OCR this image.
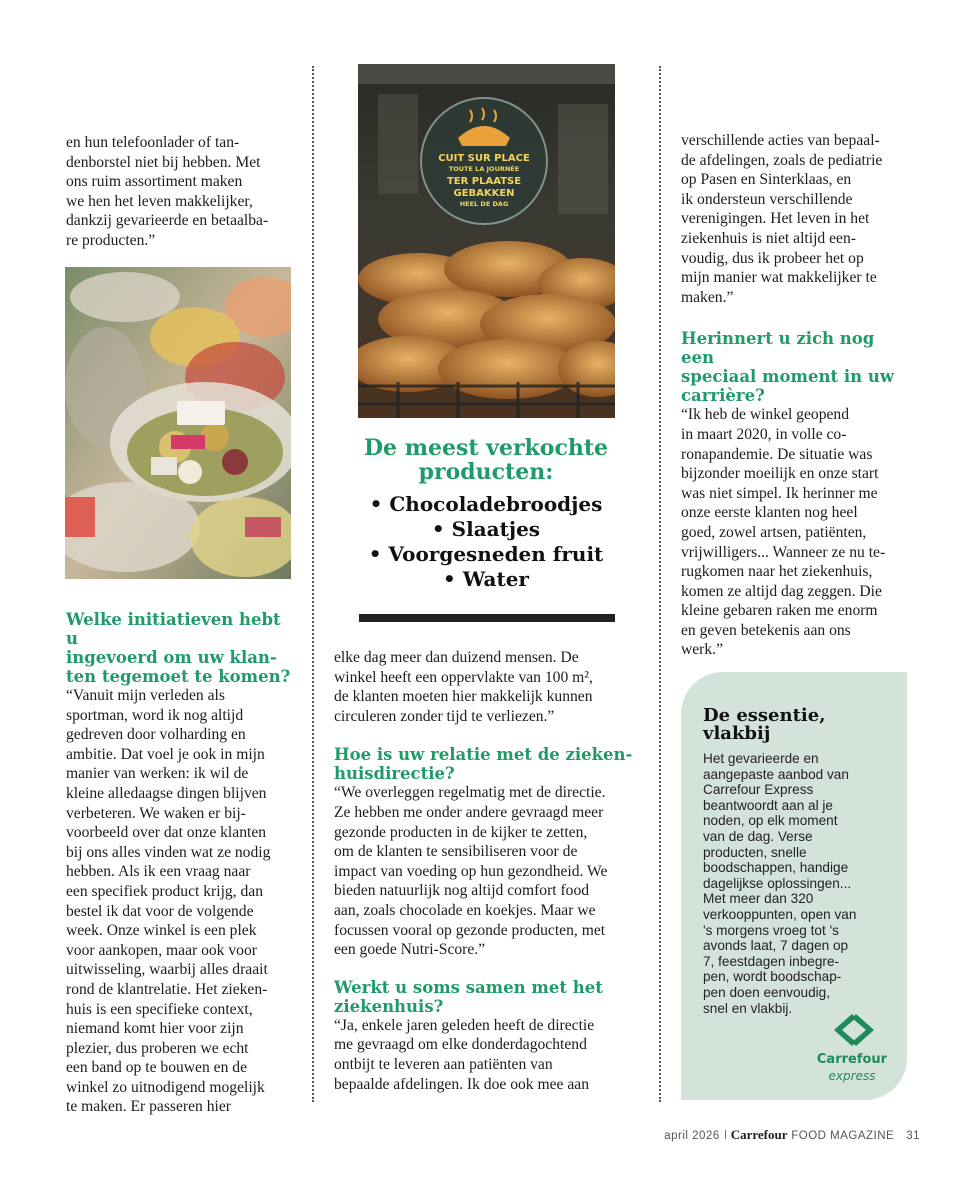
en hun telefoonlader of tan-
denborstel niet bij hebben. Met
ons ruim assortiment maken
we hen het leven makkelijker,
dankzij gevarieerde en betaalba-
re producten.”

Welke initiatieven hebt u
ingevoerd om uw klan-
ten tegemoet te komen?

“Vanuit mijn verleden als
sportman, word ik nog altijd
gedreven door volharding en
ambitie. Dat voel je ook in mijn
manier van werken: ik wil de
kleine alledaagse dingen blijven
verbeteren. We waken er bij-
voorbeeld over dat onze klanten
bij ons alles vinden wat ze nodig
hebben. Als ik een vraag naar
een specifiek product krijg, dan
bestel ik dat voor de volgende
week. Onze winkel is een plek
voor aankopen, maar ook voor
uitwisseling, waarbij alles draait
rond de klantrelatie. Het zieken-
huis is een specifieke context,
niemand komt hier voor zijn
plezier, dus proberen we echt
een band op te bouwen en de
winkel zo uitnodigend mogelijk
te maken. Er passeren hier

CUIT SUR PLACE
TOUTE LA JOURNÉE
TER PLAATSE
GEBAKKEN
HEEL DE DAG
De meest verkochte
producten:
• Chocoladebroodjes
• Slaatjes
• Voorgesneden fruit
• Water

elke dag meer dan duizend mensen. De
winkel heeft een oppervlakte van 100 m²,
de klanten moeten hier makkelijk kunnen
circuleren zonder tijd te verliezen.”

Hoe is uw relatie met de zieken-
huisdirectie?

“We overleggen regelmatig met de directie.
Ze hebben me onder andere gevraagd meer
gezonde producten in de kijker te zetten,
om de klanten te sensibiliseren voor de
impact van voeding op hun gezondheid. We
bieden natuurlijk nog altijd comfort food
aan, zoals chocolade en koekjes. Maar we
focussen vooral op gezonde producten, met
een goede Nutri-Score.”

Werkt u soms samen met het
ziekenhuis?

“Ja, enkele jaren geleden heeft de directie
me gevraagd om elke donderdagochtend
ontbijt te leveren aan patiënten van
bepaalde afdelingen. Ik doe ook mee aan

verschillende acties van bepaal-
de afdelingen, zoals de pediatrie
op Pasen en Sinterklaas, en
ik ondersteun verschillende
verenigingen. Het leven in het
ziekenhuis is niet altijd een-
voudig, dus ik probeer het op
mijn manier wat makkelijker te
maken.”

Herinnert u zich nog een
speciaal moment in uw
carrière?

“Ik heb de winkel geopend
in maart 2020, in volle co-
ronapandemie. De situatie was
bijzonder moeilijk en onze start
was niet simpel. Ik herinner me
onze eerste klanten nog heel
goed, zowel artsen, patiënten,
vrijwilligers... Wanneer ze nu te-
rugkomen naar het ziekenhuis,
komen ze altijd dag zeggen. Die
kleine gebaren raken me enorm
en geven betekenis aan ons
werk.”

De essentie,
vlakbij

Het gevarieerde en
aangepaste aanbod van
Carrefour Express
beantwoordt aan al je
noden, op elk moment
van de dag. Verse
producten, snelle
boodschappen, handige
dagelijkse oplossingen...
Met meer dan 320
verkooppunten, open van
's morgens vroeg tot 's
avonds laat, 7 dagen op
7, feestdagen inbegre-
pen, wordt boodschap-
pen doen eenvoudig,
snel en vlakbij.

Carrefour
express
april 2026 Carrefour FOOD MAGAZINE 31
